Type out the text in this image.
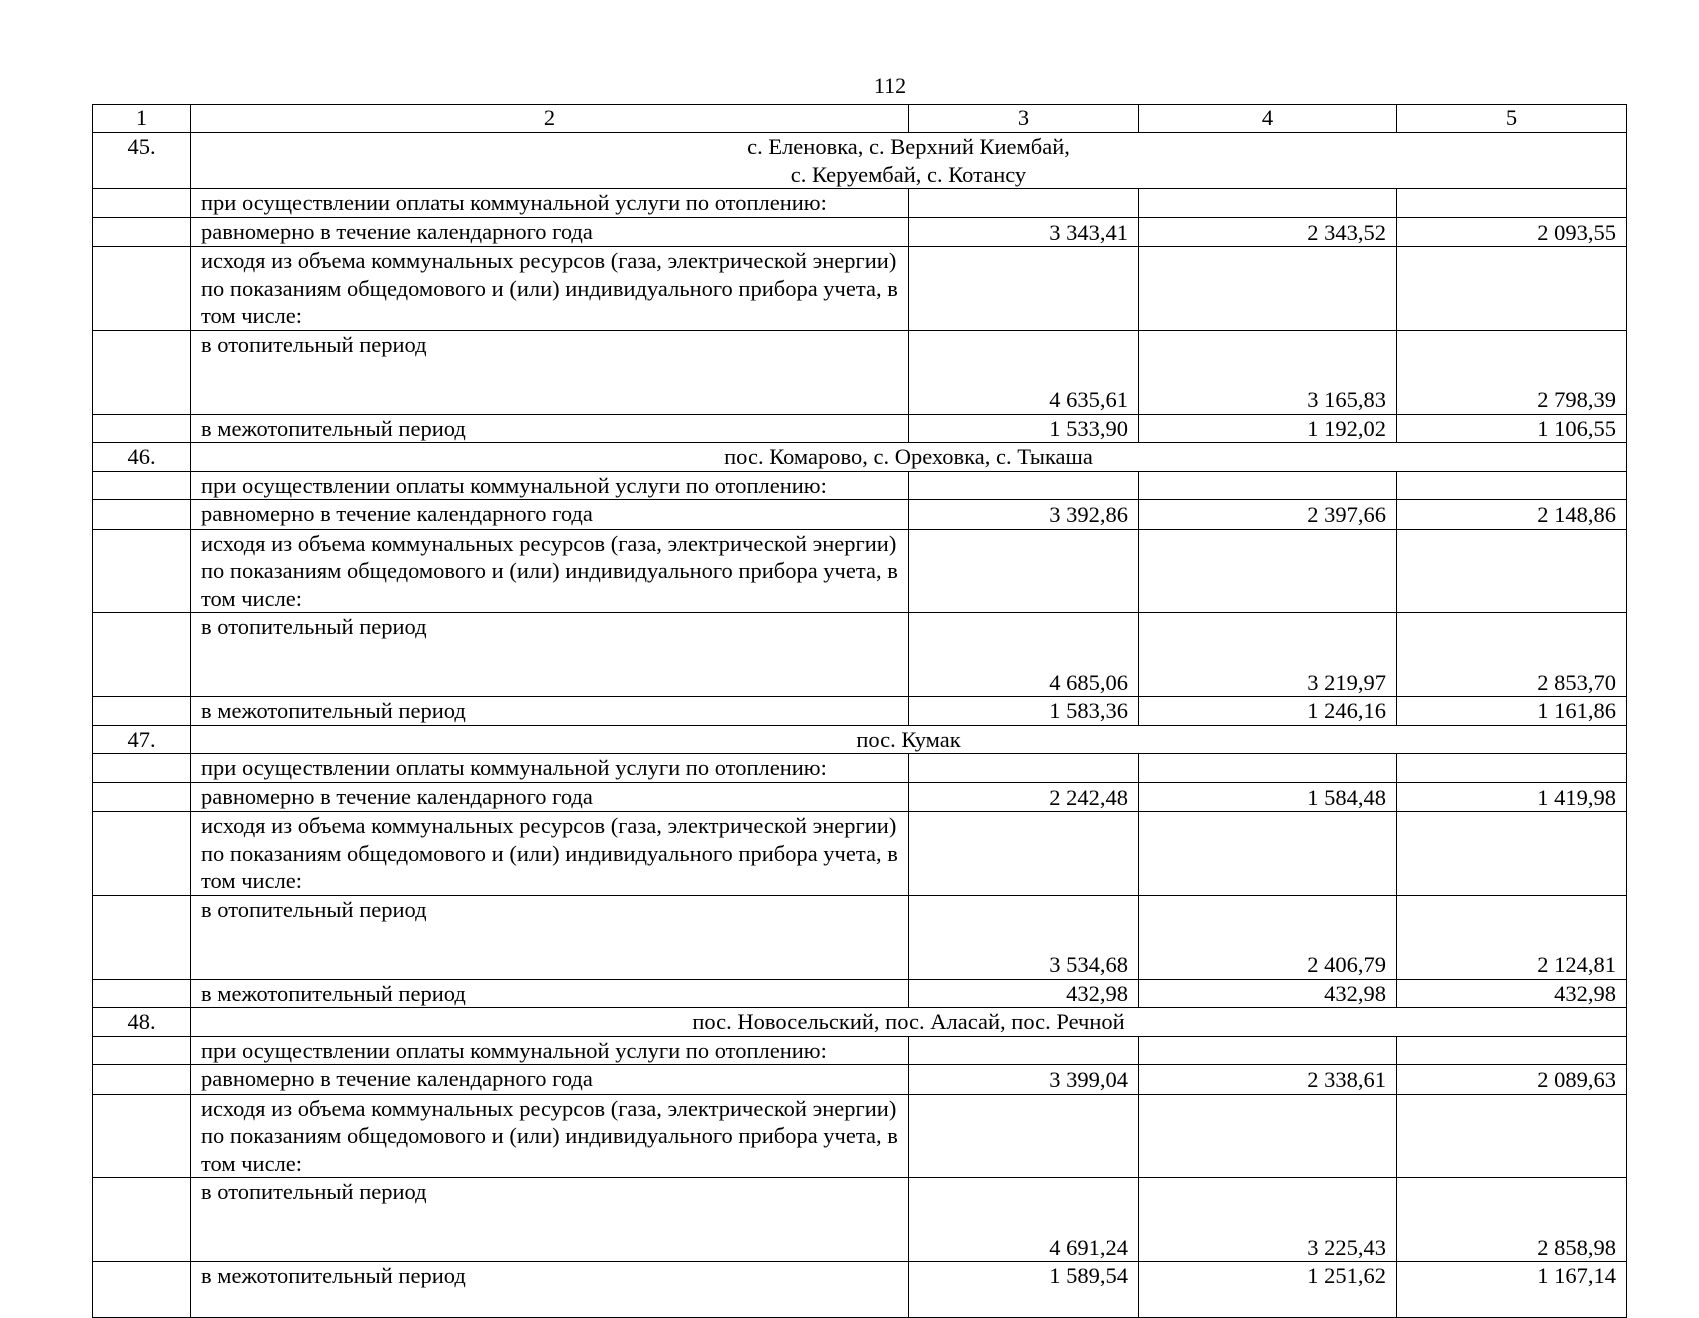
112
1	2	3	4	5
45.	с. Еленовка, с. Верхний Киембай,
с. Керуембай, с. Котансу			

	при осуществлении оплаты коммунальной услуги по отоплению:			
	равномерно в течение календарного года	3 343,41	2 343,52	2 093,55
	исходя из объема коммунальных ресурсов (газа, электрической энергии) по показаниям общедомового и (или) индивидуального прибора учета, в том числе:			
	в отопительный период	4 635,61	3 165,83	2 798,39
	в межотопительный период	1 533,90	1 192,02	1 106,55
46.	пос. Комарово, с. Ореховка, с. Тыкаша			

	при осуществлении оплаты коммунальной услуги по отоплению:			
	равномерно в течение календарного года	3 392,86	2 397,66	2 148,86
	исходя из объема коммунальных ресурсов (газа, электрической энергии) по показаниям общедомового и (или) индивидуального прибора учета, в том числе:			
	в отопительный период	4 685,06	3 219,97	2 853,70
	в межотопительный период	1 583,36	1 246,16	1 161,86
47.	пос. Кумак			

	при осуществлении оплаты коммунальной услуги по отоплению:			
	равномерно в течение календарного года	2 242,48	1 584,48	1 419,98
	исходя из объема коммунальных ресурсов (газа, электрической энергии) по показаниям общедомового и (или) индивидуального прибора учета, в том числе:			
	в отопительный период	3 534,68	2 406,79	2 124,81
	в межотопительный период	432,98	432,98	432,98
48.	пос. Новосельский, пос. Аласай, пос. Речной			

	при осуществлении оплаты коммунальной услуги по отоплению:			
	равномерно в течение календарного года	3 399,04	2 338,61	2 089,63
	исходя из объема коммунальных ресурсов (газа, электрической энергии) по показаниям общедомового и (или) индивидуального прибора учета, в том числе:			
	в отопительный период	4 691,24	3 225,43	2 858,98
	в межотопительный период	1 589,54	1 251,62	1 167,14
